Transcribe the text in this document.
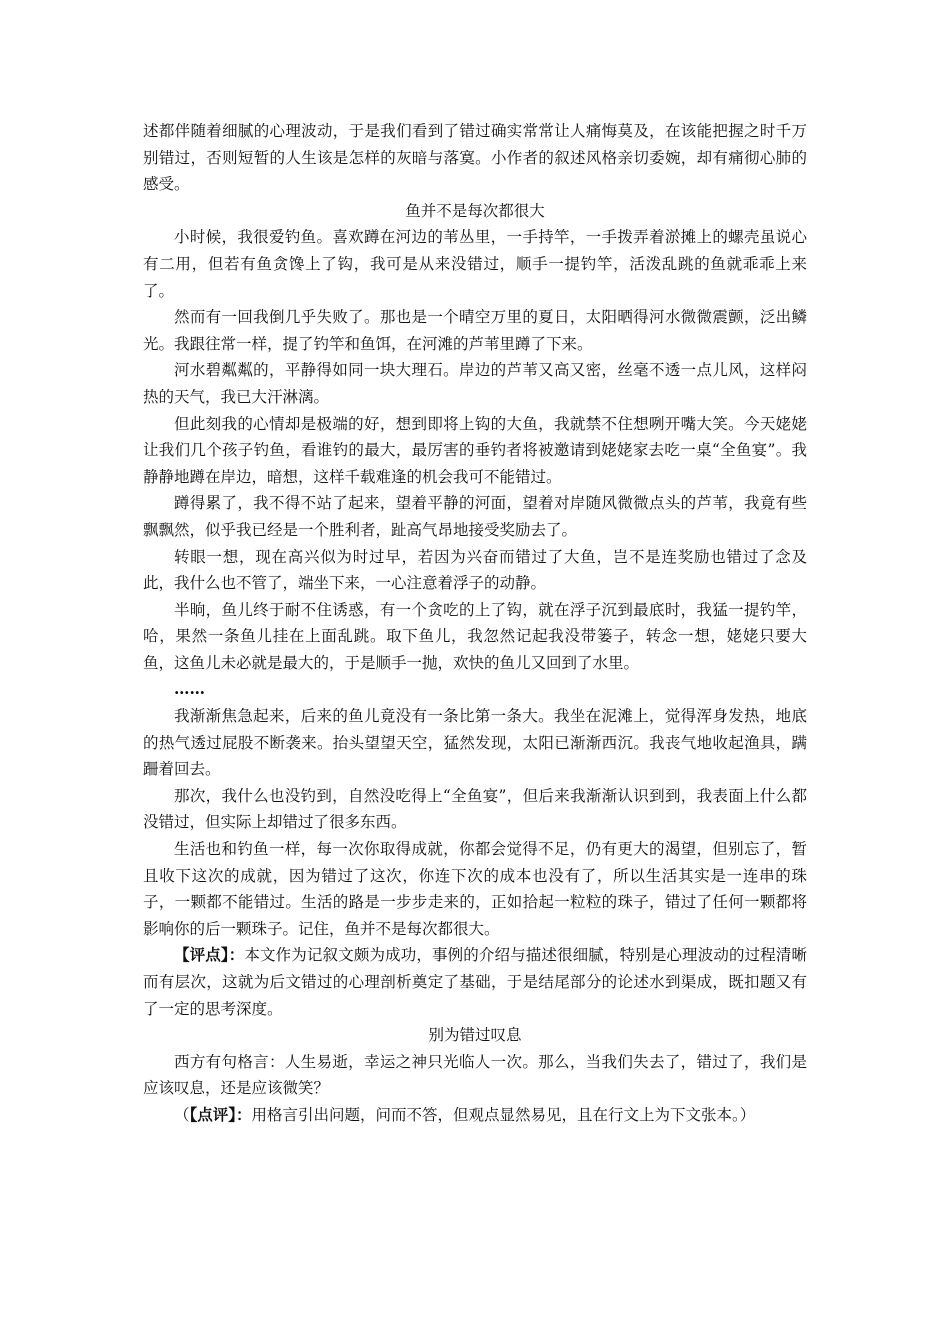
述都伴随着细腻的心理波动，于是我们看到了错过确实常常让人痛悔莫及，在该能把握之时千万别错过，否则短暂的人生该是怎样的灰暗与落寞。小作者的叙述风格亲切委婉，却有痛彻心肺的感受。

鱼并不是每次都很大

小时候，我很爱钓鱼。喜欢蹲在河边的苇丛里，一手持竿，一手拨弄着淤摊上的螺壳虽说心有二用，但若有鱼贪馋上了钩，我可是从来没错过，顺手一提钓竿，活泼乱跳的鱼就乖乖上来了。

然而有一回我倒几乎失败了。那也是一个晴空万里的夏日，太阳晒得河水微微震颤，泛出鳞光。我跟往常一样，提了钓竿和鱼饵，在河滩的芦苇里蹲了下来。

河水碧粼粼的，平静得如同一块大理石。岸边的芦苇又高又密，丝毫不透一点儿风，这样闷热的天气，我已大汗淋漓。

但此刻我的心情却是极端的好，想到即将上钩的大鱼，我就禁不住想咧开嘴大笑。今天姥姥让我们几个孩子钓鱼，看谁钓的最大，最厉害的垂钓者将被邀请到姥姥家去吃一桌“全鱼宴”。我静静地蹲在岸边，暗想，这样千载难逢的机会我可不能错过。

蹲得累了，我不得不站了起来，望着平静的河面，望着对岸随风微微点头的芦苇，我竟有些飘飘然，似乎我已经是一个胜利者，趾高气昂地接受奖励去了。

转眼一想，现在高兴似为时过早，若因为兴奋而错过了大鱼，岂不是连奖励也错过了念及此，我什么也不管了，端坐下来，一心注意着浮子的动静。

半晌，鱼儿终于耐不住诱惑，有一个贪吃的上了钩，就在浮子沉到最底时，我猛一提钓竿，哈，果然一条鱼儿挂在上面乱跳。取下鱼儿，我忽然记起我没带篓子，转念一想，姥姥只要大鱼，这鱼儿未必就是最大的，于是顺手一抛，欢快的鱼儿又回到了水里。

……

我渐渐焦急起来，后来的鱼儿竟没有一条比第一条大。我坐在泥滩上，觉得浑身发热，地底的热气透过屁股不断袭来。抬头望望天空，猛然发现，太阳已渐渐西沉。我丧气地收起渔具，蹒跚着回去。

那次，我什么也没钓到，自然没吃得上“全鱼宴”，但后来我渐渐认识到到，我表面上什么都没错过，但实际上却错过了很多东西。

生活也和钓鱼一样，每一次你取得成就，你都会觉得不足，仍有更大的渴望，但别忘了，暂且收下这次的成就，因为错过了这次，你连下次的成本也没有了，所以生活其实是一连串的珠子，一颗都不能错过。生活的路是一步步走来的，正如拾起一粒粒的珠子，错过了任何一颗都将影响你的后一颗珠子。记住，鱼并不是每次都很大。

【评点】：本文作为记叙文颇为成功，事例的介绍与描述很细腻，特别是心理波动的过程清晰而有层次，这就为后文错过的心理剖析奠定了基础，于是结尾部分的论述水到渠成，既扣题又有了一定的思考深度。

别为错过叹息

西方有句格言：人生易逝，幸运之神只光临人一次。那么，当我们失去了，错过了，我们是应该叹息，还是应该微笑？

（【点评】：用格言引出问题，问而不答，但观点显然易见，且在行文上为下文张本。）
